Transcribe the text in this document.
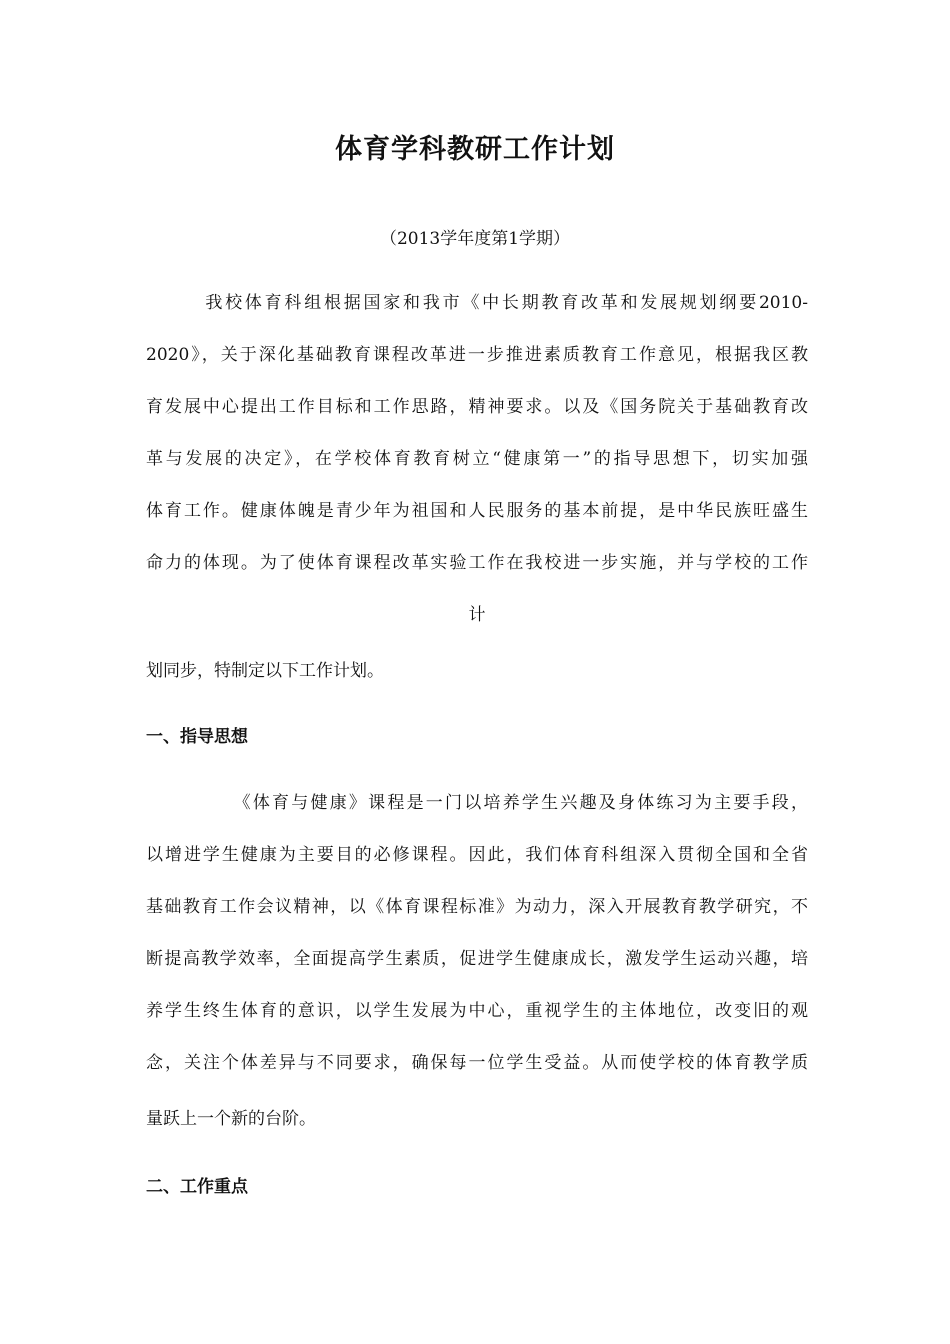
体育学科教研工作计划
（2013学年度第1学期）
　　　我校体育科组根据国家和我市《中长期教育改革和发展规划纲要2010-
2020》，关于深化基础教育课程改革进一步推进素质教育工作意见，根据我区教
育发展中心提出工作目标和工作思路，精神要求。以及《国务院关于基础教育改
革与发展的决定》，在学校体育教育树立“健康第一”的指导思想下，切实加强
体育工作。健康体魄是青少年为祖国和人民服务的基本前提，是中华民族旺盛生
命力的体现。为了使体育课程改革实验工作在我校进一步实施，并与学校的工作
计
划同步，特制定以下工作计划。
一、指导思想
　　　　　《体育与健康》课程是一门以培养学生兴趣及身体练习为主要手段，
以增进学生健康为主要目的必修课程。因此，我们体育科组深入贯彻全国和全省
基础教育工作会议精神，以《体育课程标准》为动力，深入开展教育教学研究，不
断提高教学效率，全面提高学生素质，促进学生健康成长，激发学生运动兴趣，培
养学生终生体育的意识，以学生发展为中心，重视学生的主体地位，改变旧的观
念，关注个体差异与不同要求，确保每一位学生受益。从而使学校的体育教学质
量跃上一个新的台阶。
二、工作重点
